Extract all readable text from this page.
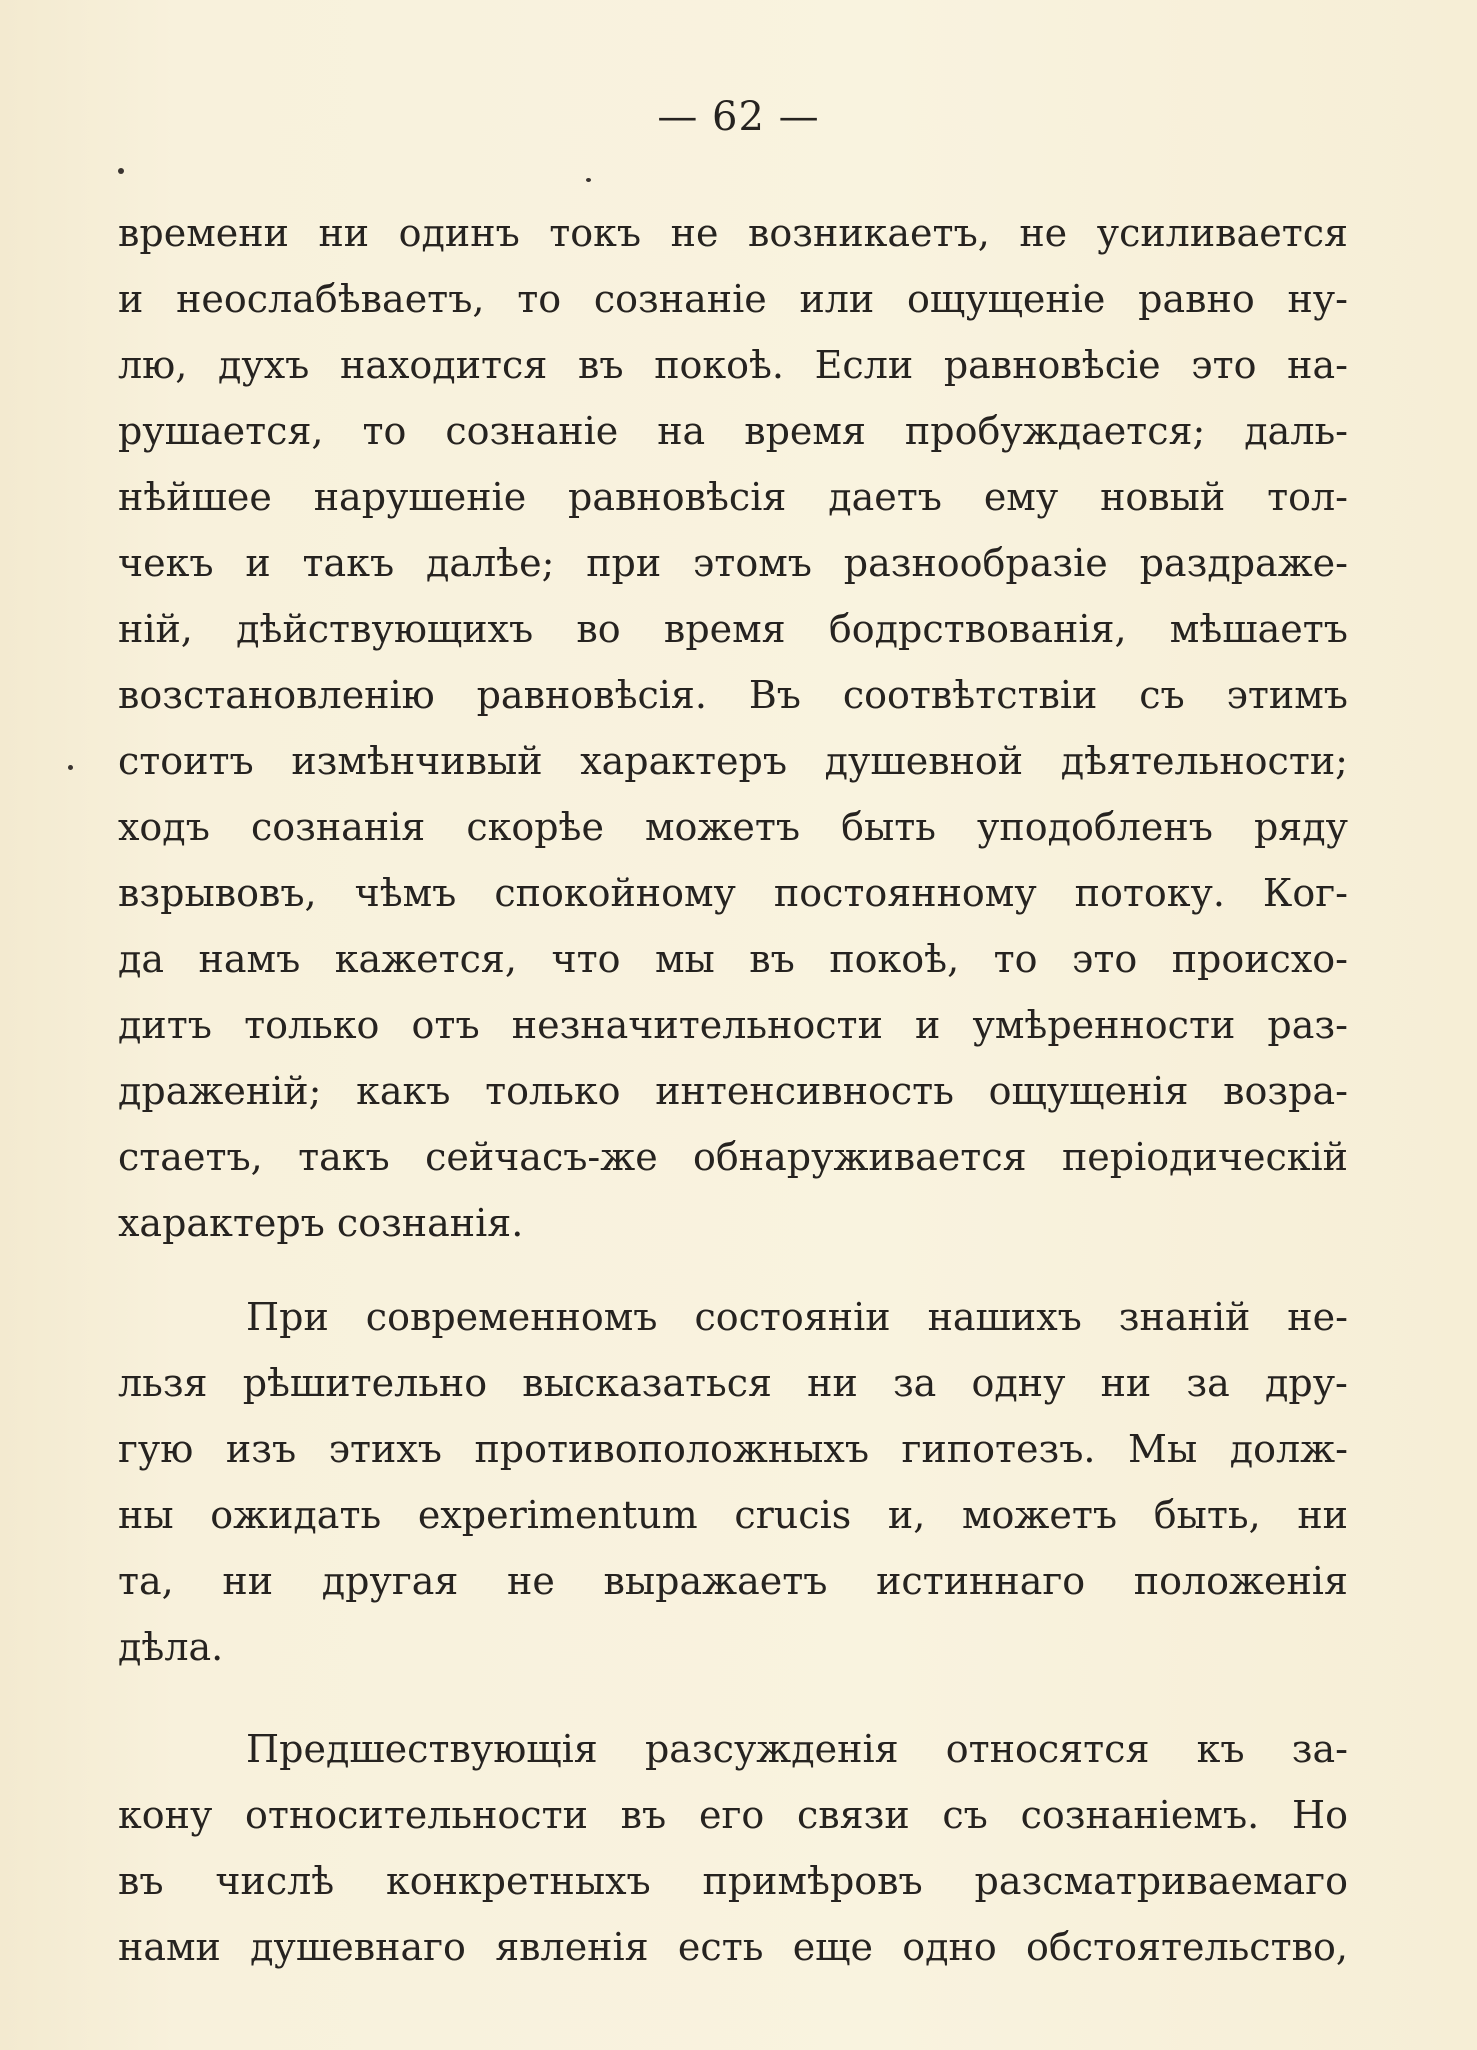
— 62 —
времени ни одинъ токъ не возникаетъ, не усиливается
и неослабѣваетъ, то сознаніе или ощущеніе равно ну-
лю, духъ находится въ покоѣ. Если равновѣсіе это на-
рушается, то сознаніе на время пробуждается; даль-
нѣйшее нарушеніе равновѣсія даетъ ему новый тол-
чекъ и такъ далѣе; при этомъ разнообразіе раздраже-
ній, дѣйствующихъ во время бодрствованія, мѣшаетъ
возстановленію равновѣсія. Въ соотвѣтствіи съ этимъ
стоитъ измѣнчивый характеръ душевной дѣятельности;
ходъ сознанія скорѣе можетъ быть уподобленъ ряду
взрывовъ, чѣмъ спокойному постоянному потоку. Ког-
да намъ кажется, что мы въ покоѣ, то это происхо-
дитъ только отъ незначительности и умѣренности раз-
драженій; какъ только интенсивность ощущенія возра-
стаетъ, такъ сейчасъ-же обнаруживается періодическій
характеръ сознанія.
При современномъ состояніи нашихъ знаній не-
льзя рѣшительно высказаться ни за одну ни за дру-
гую изъ этихъ противоположныхъ гипотезъ. Мы долж-
ны ожидать experimentum crucis и, можетъ быть, ни
та, ни другая не выражаетъ истиннаго положенія
дѣла.
Предшествующія разсужденія относятся къ за-
кону относительности въ его связи съ сознаніемъ. Но
въ числѣ конкретныхъ примѣровъ разсматриваемаго
нами душевнаго явленія есть еще одно обстоятельство,
